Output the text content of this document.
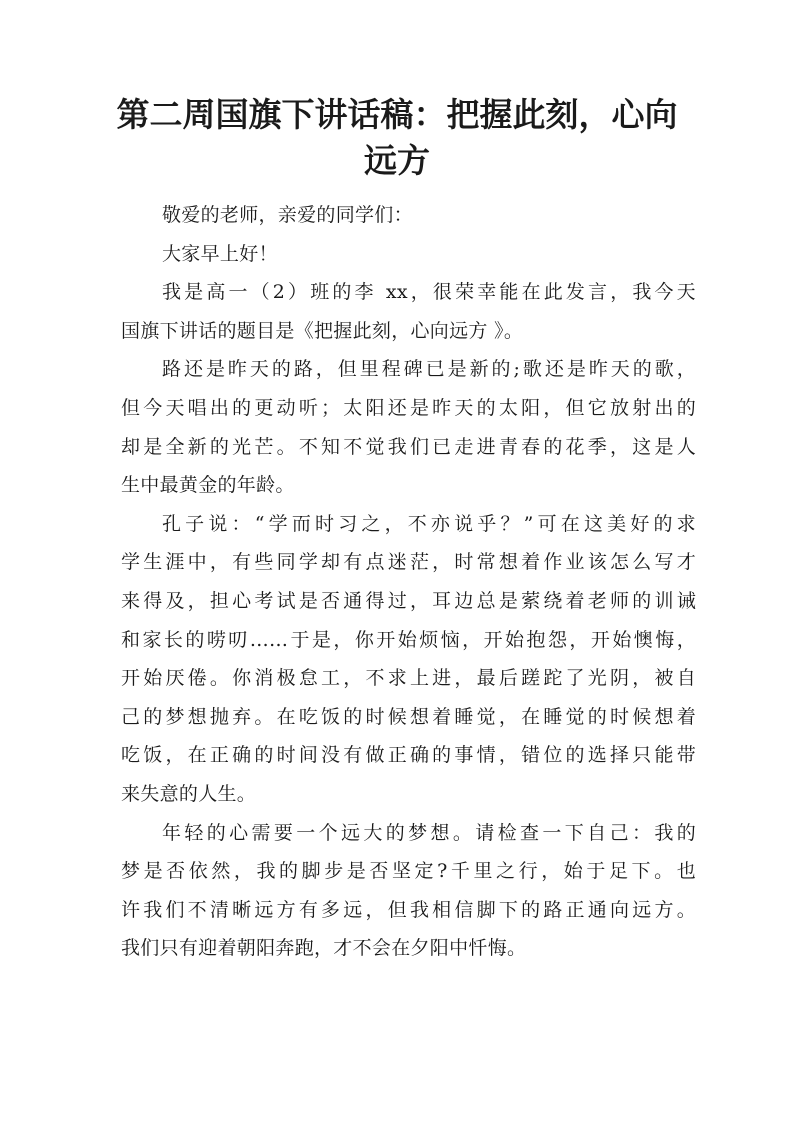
第二周国旗下讲话稿：把握此刻，心向
远方
敬爱的老师，亲爱的同学们：
大家早上好！
我是高一（2）班的李 xx，很荣幸能在此发言，我今天
国旗下讲话的题目是《把握此刻，心向远方 》。
路还是昨天的路，但里程碑已是新的;歌还是昨天的歌，
但今天唱出的更动听；太阳还是昨天的太阳，但它放射出的
却是全新的光芒。不知不觉我们已走进青春的花季，这是人
生中最黄金的年龄。
孔子说：“学而时习之，不亦说乎？”可在这美好的求
学生涯中，有些同学却有点迷茫，时常想着作业该怎么写才
来得及，担心考试是否通得过，耳边总是萦绕着老师的训诫
和家长的唠叨……于是，你开始烦恼，开始抱怨，开始懊悔，
开始厌倦。你消极怠工，不求上进，最后蹉跎了光阴，被自
己的梦想抛弃。在吃饭的时候想着睡觉，在睡觉的时候想着
吃饭，在正确的时间没有做正确的事情，错位的选择只能带
来失意的人生。
年轻的心需要一个远大的梦想。请检查一下自己：我的
梦是否依然，我的脚步是否坚定?千里之行，始于足下。也
许我们不清晰远方有多远，但我相信脚下的路正通向远方。
我们只有迎着朝阳奔跑，才不会在夕阳中忏悔。
